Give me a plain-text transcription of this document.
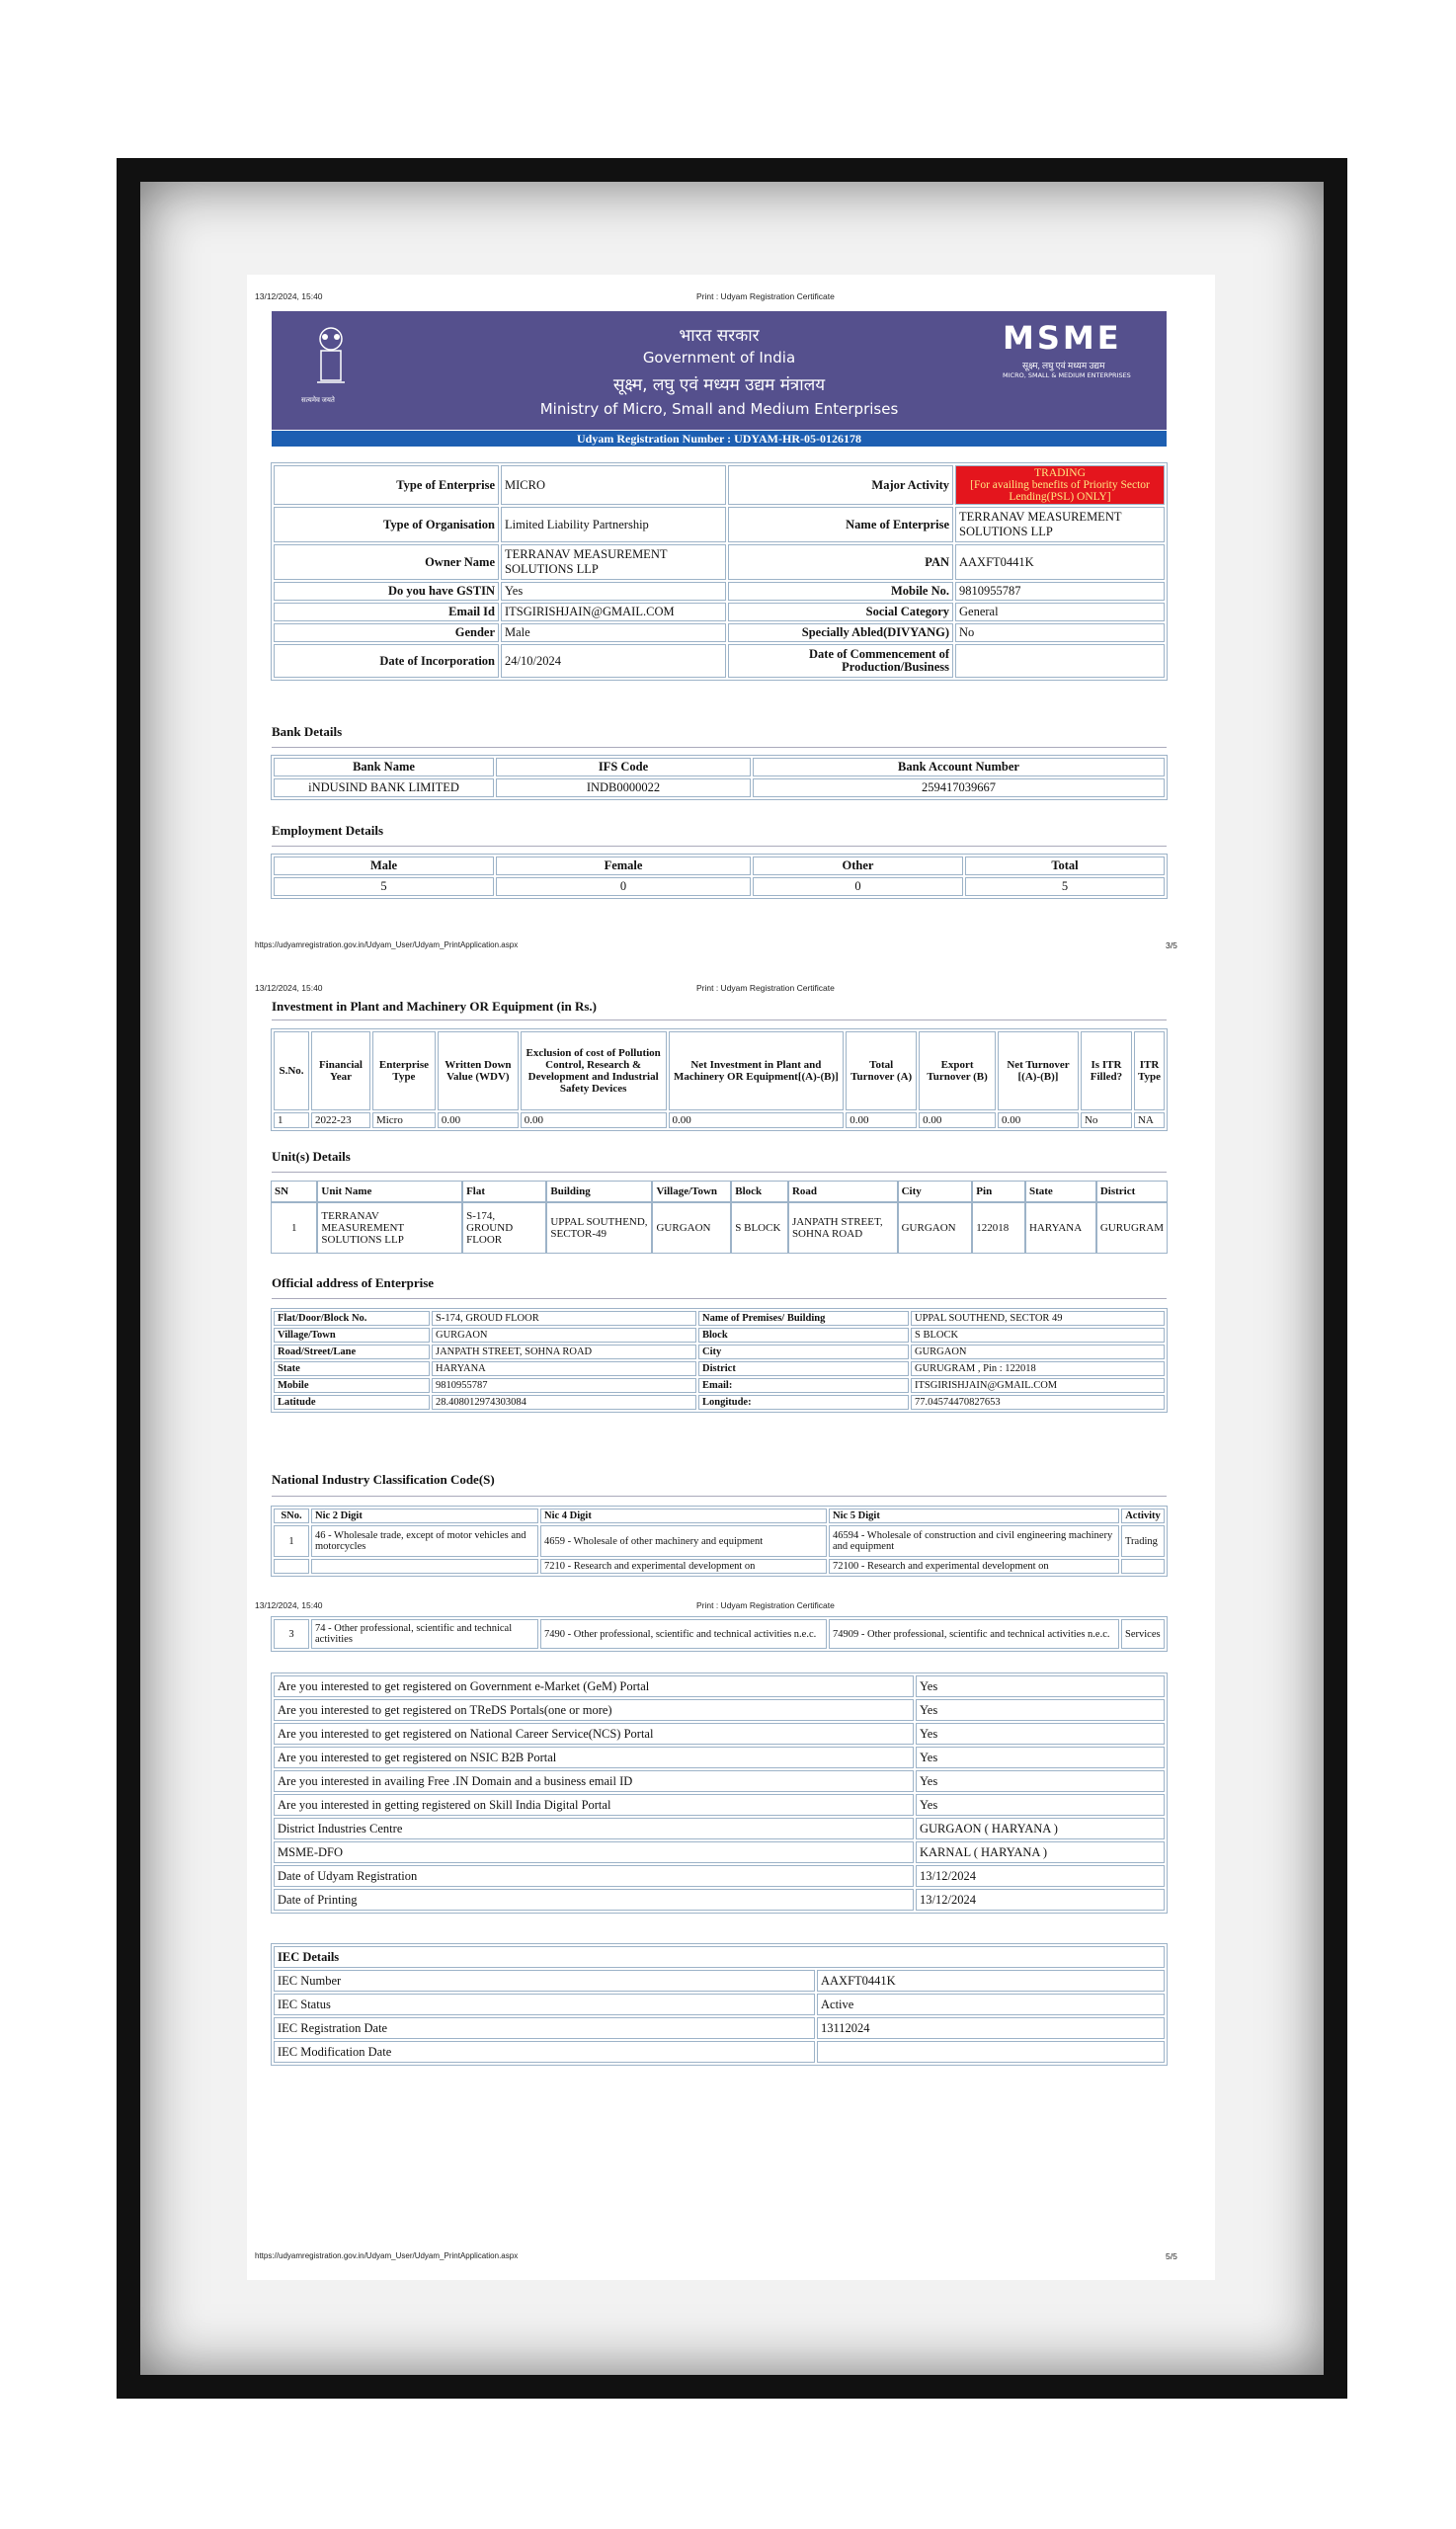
13/12/2024, 15:40	Print : Udyam Registration Certificate
सत्यमेव जयते
भारत सरकार
Government of India
सूक्ष्म, लघु एवं मध्यम उद्यम मंत्रालय
Ministry of Micro, Small and Medium Enterprises
MSME
सूक्ष्म, लघु एवं मध्यम उद्यम
MICRO, SMALL & MEDIUM ENTERPRISES
Udyam Registration Number : UDYAM-HR-05-0126178
Type of Enterprise	MICRO	Major Activity	TRADING
[For availing benefits of Priority Sector Lending(PSL) ONLY]
Type of Organisation	Limited Liability Partnership	Name of Enterprise	TERRANAV MEASUREMENT SOLUTIONS LLP
Owner Name	TERRANAV MEASUREMENT SOLUTIONS LLP	PAN	AAXFT0441K
Do you have GSTIN	Yes	Mobile No.	9810955787
Email Id	ITSGIRISHJAIN@GMAIL.COM	Social Category	General
Gender	Male	Specially Abled(DIVYANG)	No
Date of Incorporation	24/10/2024	Date of Commencement of Production/Business	
Bank Details
Bank Name	IFS Code	Bank Account Number
iNDUSIND BANK LIMITED	INDB0000022	259417039667
Employment Details
Male	Female	Other	Total
5	0	0	5
https://udyamregistration.gov.in/Udyam_User/Udyam_PrintApplication.aspx	3/5
13/12/2024, 15:40	Print : Udyam Registration Certificate
Investment in Plant and Machinery OR Equipment (in Rs.)
S.No.	Financial Year	Enterprise Type	Written Down Value (WDV)	Exclusion of cost of Pollution Control, Research & Development and Industrial Safety Devices	Net Investment in Plant and Machinery OR Equipment[(A)-(B)]	Total Turnover (A)	Export Turnover (B)	Net Turnover [(A)-(B)]	Is ITR Filled?	ITR Type
1	2022-23	Micro	0.00	0.00	0.00	0.00	0.00	0.00	No	NA
Unit(s) Details
SN	Unit Name	Flat	Building	Village/Town	Block	Road	City	Pin	State	District
1	TERRANAV MEASUREMENT SOLUTIONS LLP	S-174, GROUND FLOOR	UPPAL SOUTHEND, SECTOR-49	GURGAON	S BLOCK	JANPATH STREET, SOHNA ROAD	GURGAON	122018	HARYANA	GURUGRAM
Official address of Enterprise
Flat/Door/Block No.	S-174, GROUD FLOOR	Name of Premises/ Building	UPPAL SOUTHEND, SECTOR 49
Village/Town	GURGAON	Block	S BLOCK
Road/Street/Lane	JANPATH STREET, SOHNA ROAD	City	GURGAON
State	HARYANA	District	GURUGRAM , Pin : 122018
Mobile	9810955787	Email:	ITSGIRISHJAIN@GMAIL.COM
Latitude	28.408012974303084	Longitude:	77.04574470827653
National Industry Classification Code(S)
SNo.	Nic 2 Digit	Nic 4 Digit	Nic 5 Digit	Activity
1	46 - Wholesale trade, except of motor vehicles and motorcycles	4659 - Wholesale of other machinery and equipment	46594 - Wholesale of construction and civil engineering machinery and equipment	Trading
		7210 - Research and experimental development on	72100 - Research and experimental development on	
13/12/2024, 15:40	Print : Udyam Registration Certificate
3	74 - Other professional, scientific and technical activities	7490 - Other professional, scientific and technical activities n.e.c.	74909 - Other professional, scientific and technical activities n.e.c.	Services
Are you interested to get registered on Government e-Market (GeM) Portal	Yes
Are you interested to get registered on TReDS Portals(one or more)	Yes
Are you interested to get registered on National Career Service(NCS) Portal	Yes
Are you interested to get registered on NSIC B2B Portal	Yes
Are you interested in availing Free .IN Domain and a business email ID	Yes
Are you interested in getting registered on Skill India Digital Portal	Yes
District Industries Centre	GURGAON ( HARYANA )
MSME-DFO	KARNAL ( HARYANA )
Date of Udyam Registration	13/12/2024
Date of Printing	13/12/2024
IEC Details	
IEC Number	AAXFT0441K
IEC Status	Active
IEC Registration Date	13112024
IEC Modification Date	
https://udyamregistration.gov.in/Udyam_User/Udyam_PrintApplication.aspx	5/5
